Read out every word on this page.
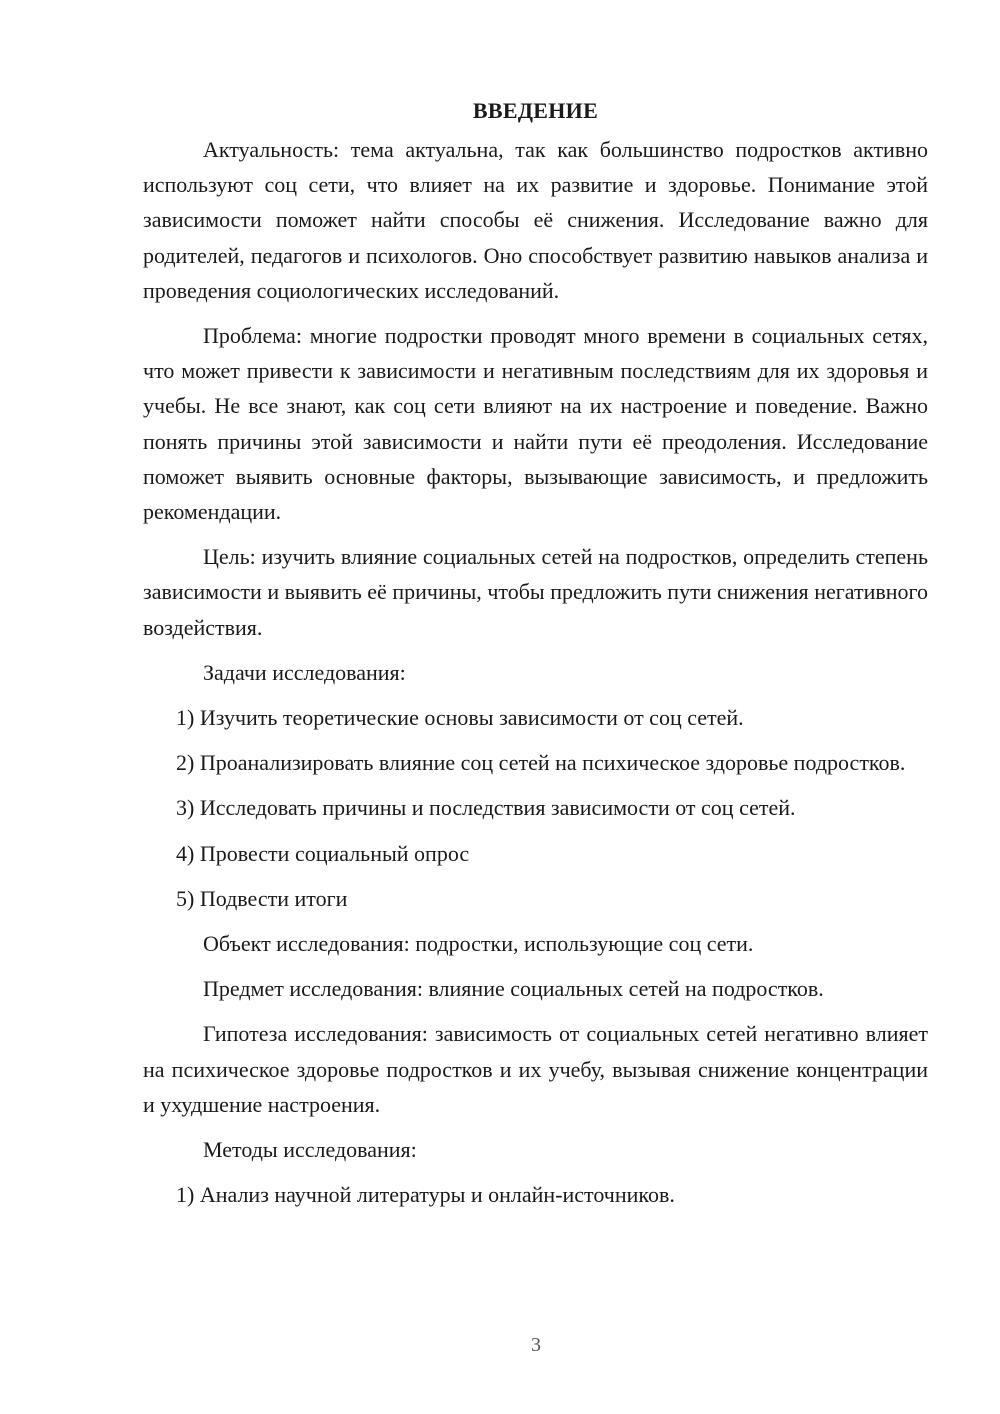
ВВЕДЕНИЕ

Актуальность: тема актуальна, так как большинство подростков активно используют соц сети, что влияет на их развитие и здоровье. Понимание этой зависимости поможет найти способы её снижения. Исследование важно для родителей, педагогов и психологов. Оно способствует развитию навыков анализа и проведения социологических исследований.

Проблема: многие подростки проводят много времени в социальных сетях, что может привести к зависимости и негативным последствиям для их здоровья и учебы. Не все знают, как соц сети влияют на их настроение и поведение. Важно понять причины этой зависимости и найти пути её преодоления. Исследование поможет выявить основные факторы, вызывающие зависимость, и предложить рекомендации.

Цель: изучить влияние социальных сетей на подростков, определить степень зависимости и выявить её причины, чтобы предложить пути снижения негативного воздействия.

Задачи исследования:

1) Изучить теоретические основы зависимости от соц сетей.

2) Проанализировать влияние соц сетей на психическое здоровье подростков.

3) Исследовать причины и последствия зависимости от соц сетей.

4) Провести социальный опрос

5) Подвести итоги

Объект исследования: подростки, использующие соц сети.

Предмет исследования: влияние социальных сетей на подростков.

Гипотеза исследования: зависимость от социальных сетей негативно влияет на психическое здоровье подростков и их учебу, вызывая снижение концентрации и ухудшение настроения.

Методы исследования:

1) Анализ научной литературы и онлайн-источников.

3
